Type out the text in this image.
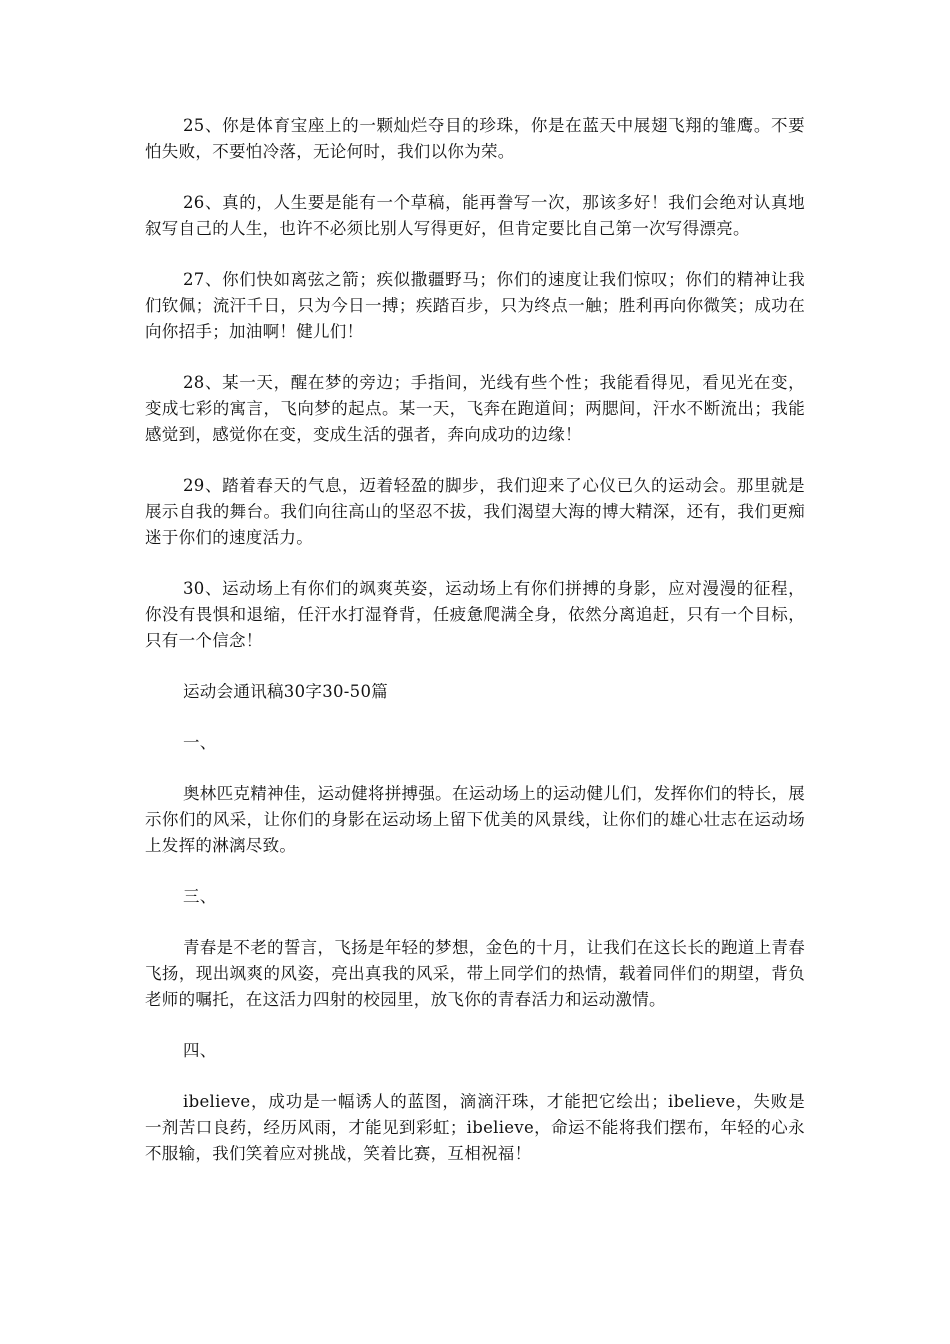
25、你是体育宝座上的一颗灿烂夺目的珍珠，你是在蓝天中展翅飞翔的雏鹰。不要怕失败，不要怕冷落，无论何时，我们以你为荣。

26、真的，人生要是能有一个草稿，能再誊写一次，那该多好！我们会绝对认真地叙写自己的人生，也许不必须比别人写得更好，但肯定要比自己第一次写得漂亮。

27、你们快如离弦之箭；疾似撒疆野马；你们的速度让我们惊叹；你们的精神让我们钦佩；流汗千日，只为今日一搏；疾踏百步，只为终点一触；胜利再向你微笑；成功在向你招手；加油啊！健儿们！

28、某一天，醒在梦的旁边；手指间，光线有些个性；我能看得见，看见光在变，变成七彩的寓言，飞向梦的起点。某一天，飞奔在跑道间；两腮间，汗水不断流出；我能感觉到，感觉你在变，变成生活的强者，奔向成功的边缘！

29、踏着春天的气息，迈着轻盈的脚步，我们迎来了心仪已久的运动会。那里就是展示自我的舞台。我们向往高山的坚忍不拔，我们渴望大海的博大精深，还有，我们更痴迷于你们的速度活力。

30、运动场上有你们的飒爽英姿，运动场上有你们拼搏的身影，应对漫漫的征程，你没有畏惧和退缩，任汗水打湿脊背，任疲惫爬满全身，依然分离追赶，只有一个目标，只有一个信念！

运动会通讯稿30字30-50篇

一、

奥林匹克精神佳，运动健将拼搏强。在运动场上的运动健儿们，发挥你们的特长，展示你们的风采，让你们的身影在运动场上留下优美的风景线，让你们的雄心壮志在运动场上发挥的淋漓尽致。

三、

青春是不老的誓言，飞扬是年轻的梦想，金色的十月，让我们在这长长的跑道上青春飞扬，现出飒爽的风姿，亮出真我的风采，带上同学们的热情，载着同伴们的期望，背负老师的嘱托，在这活力四射的校园里，放飞你的青春活力和运动激情。

四、

ibelieve，成功是一幅诱人的蓝图，滴滴汗珠，才能把它绘出；ibelieve，失败是一剂苦口良药，经历风雨，才能见到彩虹；ibelieve，命运不能将我们摆布，年轻的心永不服输，我们笑着应对挑战，笑着比赛，互相祝福！
